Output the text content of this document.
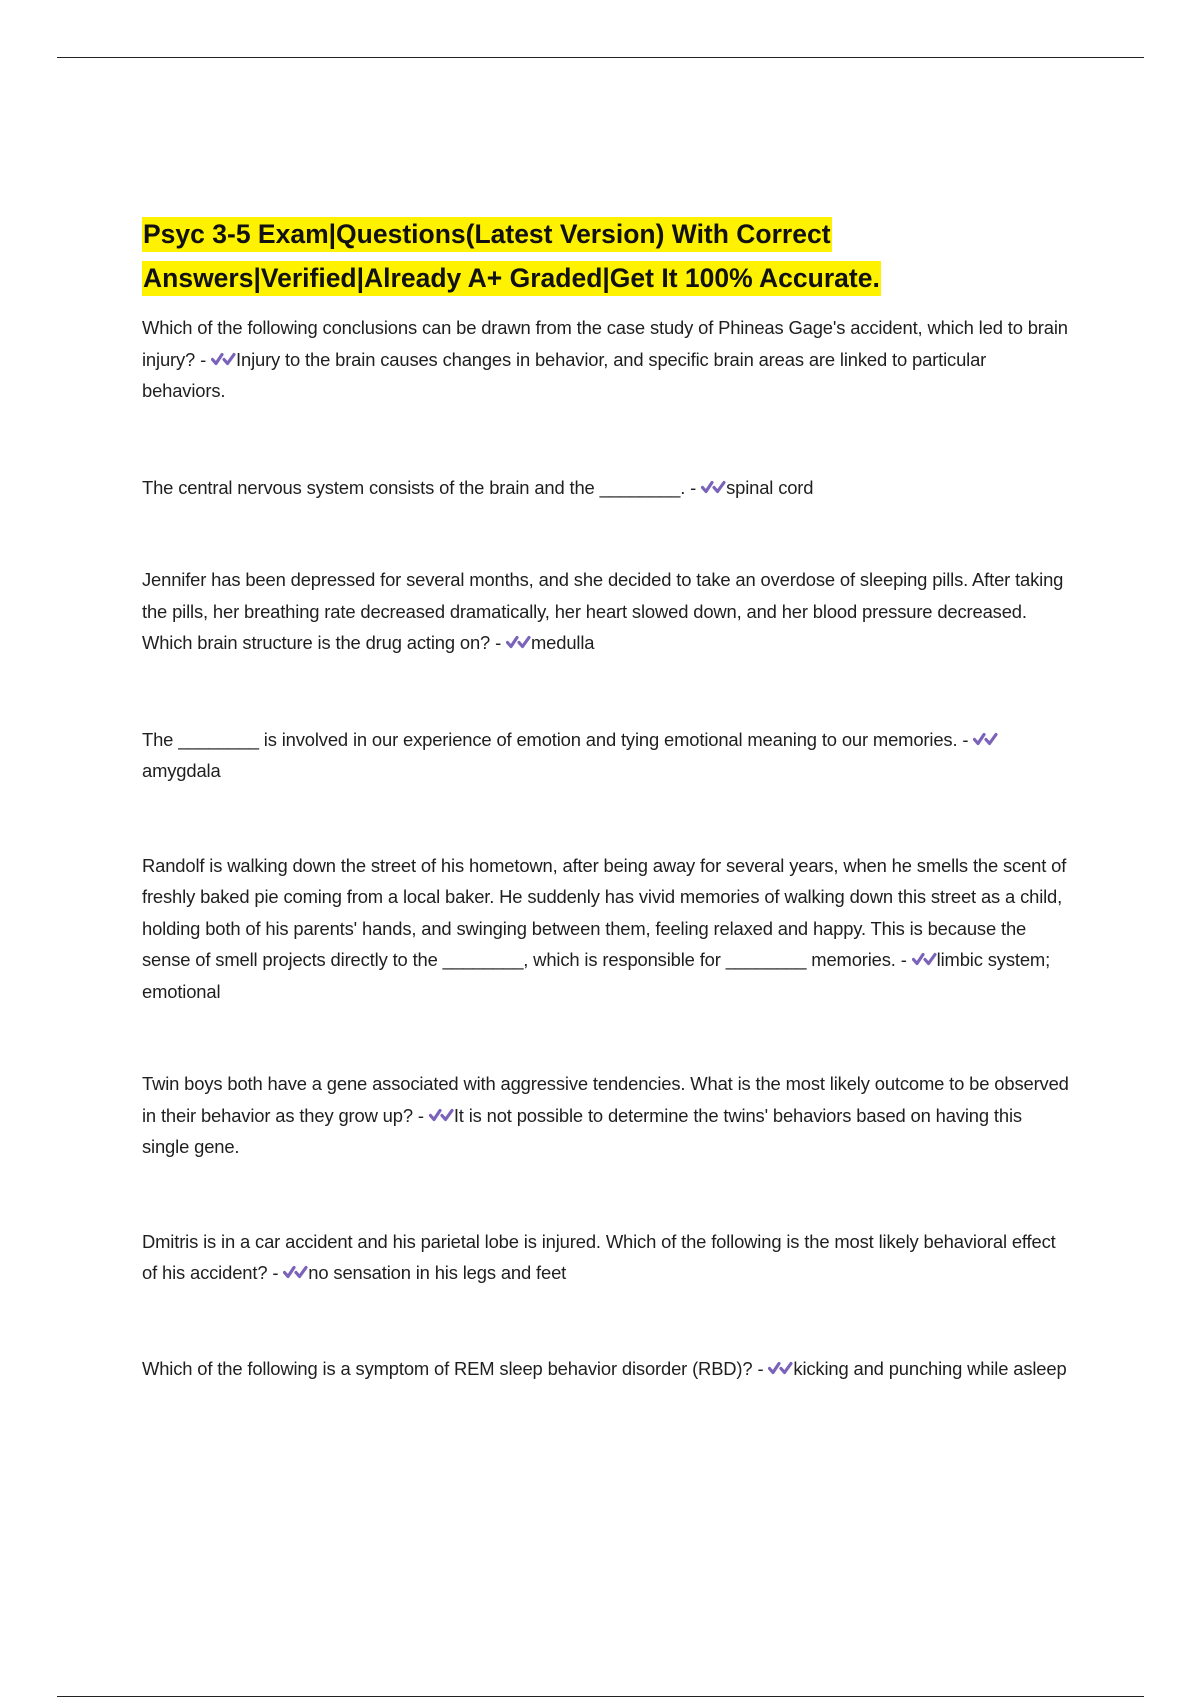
Psyc 3-5 Exam|Questions(Latest Version) With Correct
Answers|Verified|Already A+ Graded|Get It 100% Accurate.

Which of the following conclusions can be drawn from the case study of Phineas Gage's accident, which led to brain injury? - Injury to the brain causes changes in behavior, and specific brain areas are linked to particular behaviors.

The central nervous system consists of the brain and the ________. - spinal cord

Jennifer has been depressed for several months, and she decided to take an overdose of sleeping pills. After taking the pills, her breathing rate decreased dramatically, her heart slowed down, and her blood pressure decreased. Which brain structure is the drug acting on? - medulla

The ________ is involved in our experience of emotion and tying emotional meaning to our memories. -
amygdala

Randolf is walking down the street of his hometown, after being away for several years, when he smells the scent of freshly baked pie coming from a local baker. He suddenly has vivid memories of walking down this street as a child, holding both of his parents' hands, and swinging between them, feeling relaxed and happy. This is because the sense of smell projects directly to the ________, which is responsible for ________ memories. - limbic system; emotional

Twin boys both have a gene associated with aggressive tendencies. What is the most likely outcome to be observed in their behavior as they grow up? - It is not possible to determine the twins' behaviors based on having this single gene.

Dmitris is in a car accident and his parietal lobe is injured. Which of the following is the most likely behavioral effect of his accident? - no sensation in his legs and feet

Which of the following is a symptom of REM sleep behavior disorder (RBD)? - kicking and punching while asleep
